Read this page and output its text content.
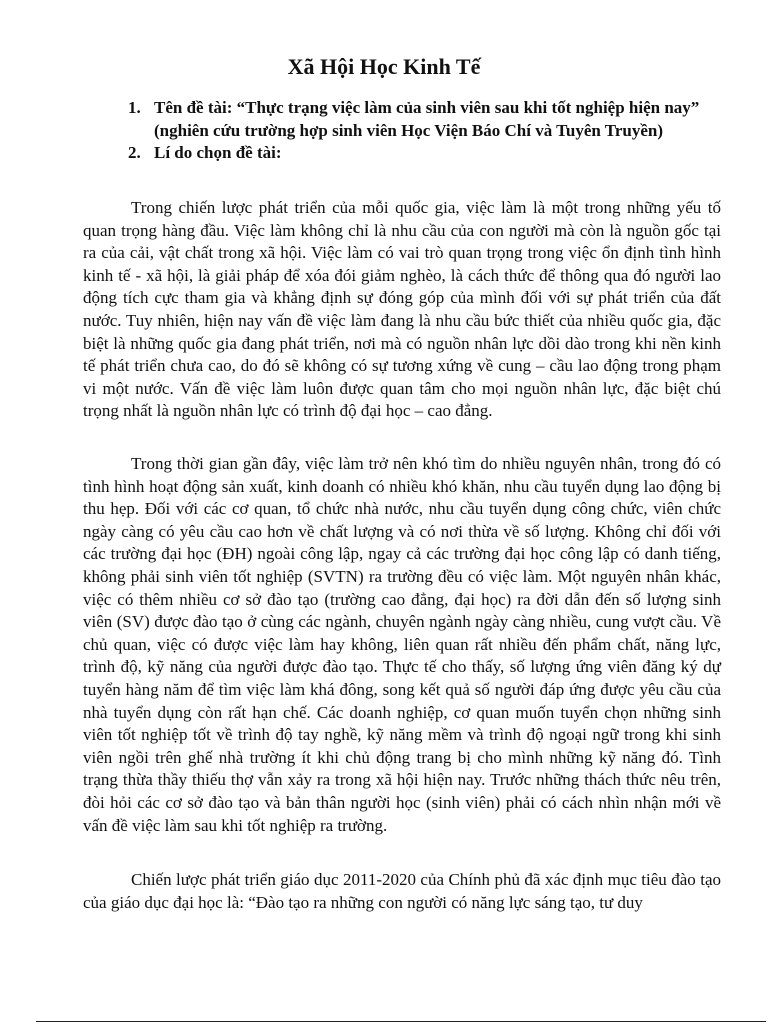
Xã Hội Học Kinh Tế
1. Tên đề tài: “Thực trạng việc làm của sinh viên sau khi tốt nghiệp hiện nay” (nghiên cứu trường hợp sinh viên Học Viện Báo Chí và Tuyên Truyền)
2. Lí do chọn đề tài:

Trong chiến lược phát triển của mỗi quốc gia, việc làm là một trong những yếu tố quan trọng hàng đầu. Việc làm không chỉ là nhu cầu của con người mà còn là nguồn gốc tại ra của cải, vật chất trong xã hội. Việc làm có vai trò quan trọng trong việc ổn định tình hình kinh tế - xã hội, là giải pháp để xóa đói giảm nghèo, là cách thức để thông qua đó người lao động tích cực tham gia và khẳng định sự đóng góp của mình đối với sự phát triển của đất nước. Tuy nhiên, hiện nay vấn đề việc làm đang là nhu cầu bức thiết của nhiều quốc gia, đặc biệt là những quốc gia đang phát triển, nơi mà có nguồn nhân lực dồi dào trong khi nền kinh tế phát triển chưa cao, do đó sẽ không có sự tương xứng về cung – cầu lao động trong phạm vi một nước. Vấn đề việc làm luôn được quan tâm cho mọi nguồn nhân lực, đặc biệt chú trọng nhất là nguồn nhân lực có trình độ đại học – cao đẳng.

Trong thời gian gần đây, việc làm trở nên khó tìm do nhiều nguyên nhân, trong đó có tình hình hoạt động sản xuất, kinh doanh có nhiều khó khăn, nhu cầu tuyển dụng lao động bị thu hẹp. Đối với các cơ quan, tổ chức nhà nước, nhu cầu tuyển dụng công chức, viên chức ngày càng có yêu cầu cao hơn về chất lượng và có nơi thừa về số lượng. Không chỉ đối với các trường đại học (ĐH) ngoài công lập, ngay cả các trường đại học công lập có danh tiếng, không phải sinh viên tốt nghiệp (SVTN) ra trường đều có việc làm. Một nguyên nhân khác, việc có thêm nhiều cơ sở đào tạo (trường cao đẳng, đại học) ra đời dẫn đến số lượng sinh viên (SV) được đào tạo ở cùng các ngành, chuyên ngành ngày càng nhiều, cung vượt cầu. Về chủ quan, việc có được việc làm hay không, liên quan rất nhiều đến phẩm chất, năng lực, trình độ, kỹ năng của người được đào tạo. Thực tế cho thấy, số lượng ứng viên đăng ký dự tuyển hàng năm để tìm việc làm khá đông, song kết quả số người đáp ứng được yêu cầu của nhà tuyển dụng còn rất hạn chế. Các doanh nghiệp, cơ quan muốn tuyển chọn những sinh viên tốt nghiệp tốt về trình độ tay nghề, kỹ năng mềm và trình độ ngoại ngữ trong khi sinh viên ngồi trên ghế nhà trường ít khi chủ động trang bị cho mình những kỹ năng đó. Tình trạng thừa thầy thiếu thợ vẫn xảy ra trong xã hội hiện nay. Trước những thách thức nêu trên, đòi hỏi các cơ sở đào tạo và bản thân người học (sinh viên) phải có cách nhìn nhận mới về vấn đề việc làm sau khi tốt nghiệp ra trường.

Chiến lược phát triển giáo dục 2011-2020 của Chính phủ đã xác định mục tiêu đào tạo của giáo dục đại học là: “Đào tạo ra những con người có năng lực sáng tạo, tư duy
